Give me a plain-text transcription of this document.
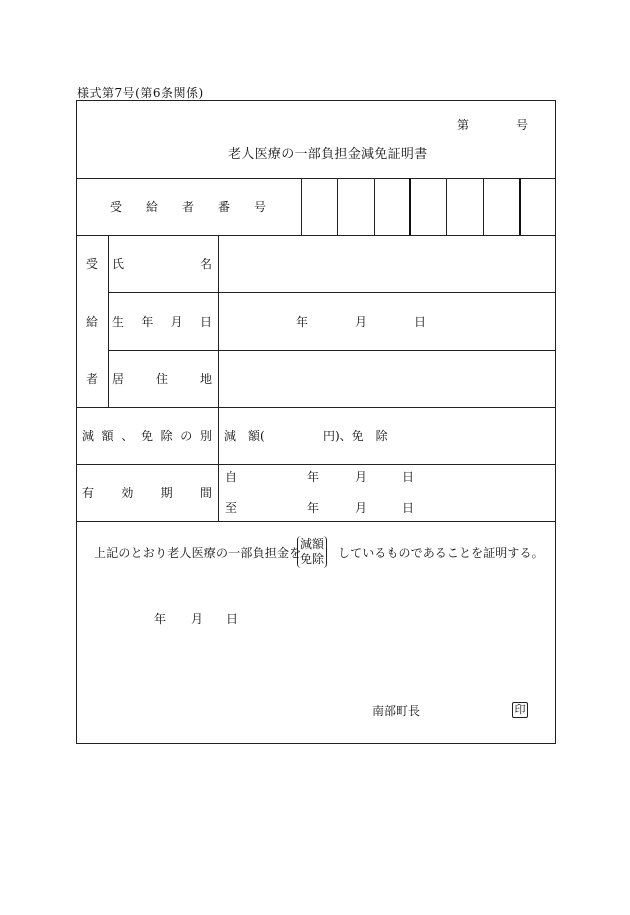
様式第7号(第6条関係)
第	号
老人医療の一部負担金減免証明書
受 給 者 番 号
受
給
者
氏	名
生 年 月 日	年	月	日
居	住	地
減 額 、 免 除 の 別 減　額(	円)、免　除
有 効 期 間
自	年	月	日
至	年	月	日
上記のとおり老人医療の一部負担金を
減額
免除 しているものであることを証明する。
年 月 日
南部町長	印
